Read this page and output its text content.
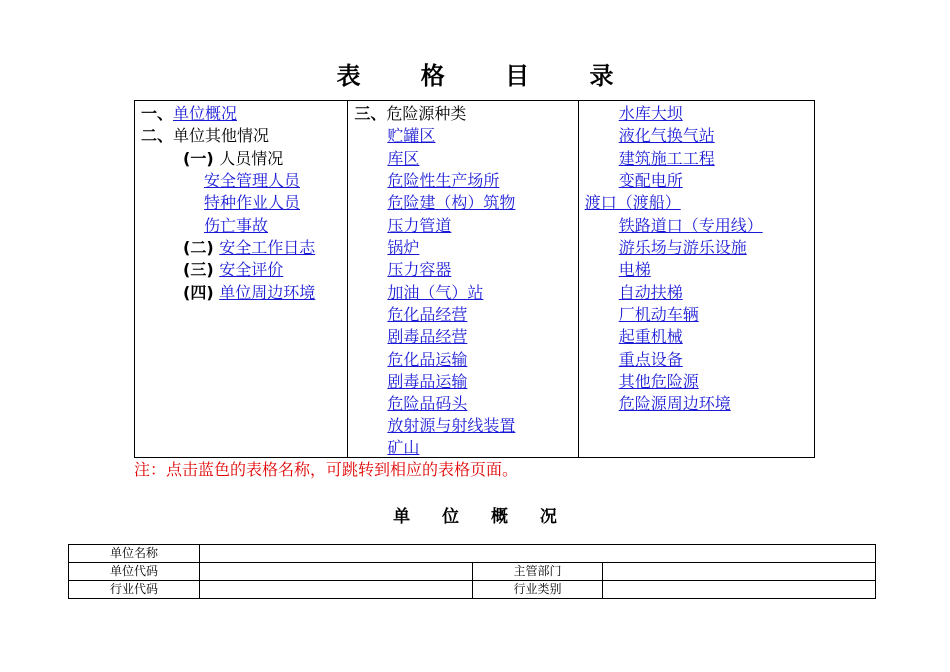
表 格 目 录
一、单位概况
二、单位其他情况
(一) 人员情况
安全管理人员
特种作业人员
伤亡事故
(二) 安全工作日志
(三) 安全评价
(四) 单位周边环境
三、危险源种类
贮罐区
库区
危险性生产场所
危险建（构）筑物
压力管道
锅炉
压力容器
加油（气）站
危化品经营
剧毒品经营
危化品运输
剧毒品运输
危险品码头
放射源与射线装置
矿山
水库大坝
液化气换气站
建筑施工工程
变配电所
渡口（渡船）
铁路道口（专用线）
游乐场与游乐设施
电梯
自动扶梯
厂机动车辆
起重机械
重点设备
其他危险源
危险源周边环境
注：点击蓝色的表格名称，可跳转到相应的表格页面。
单 位 概 况
单位名称			
单位代码		主管部门	
行业代码		行业类别	
